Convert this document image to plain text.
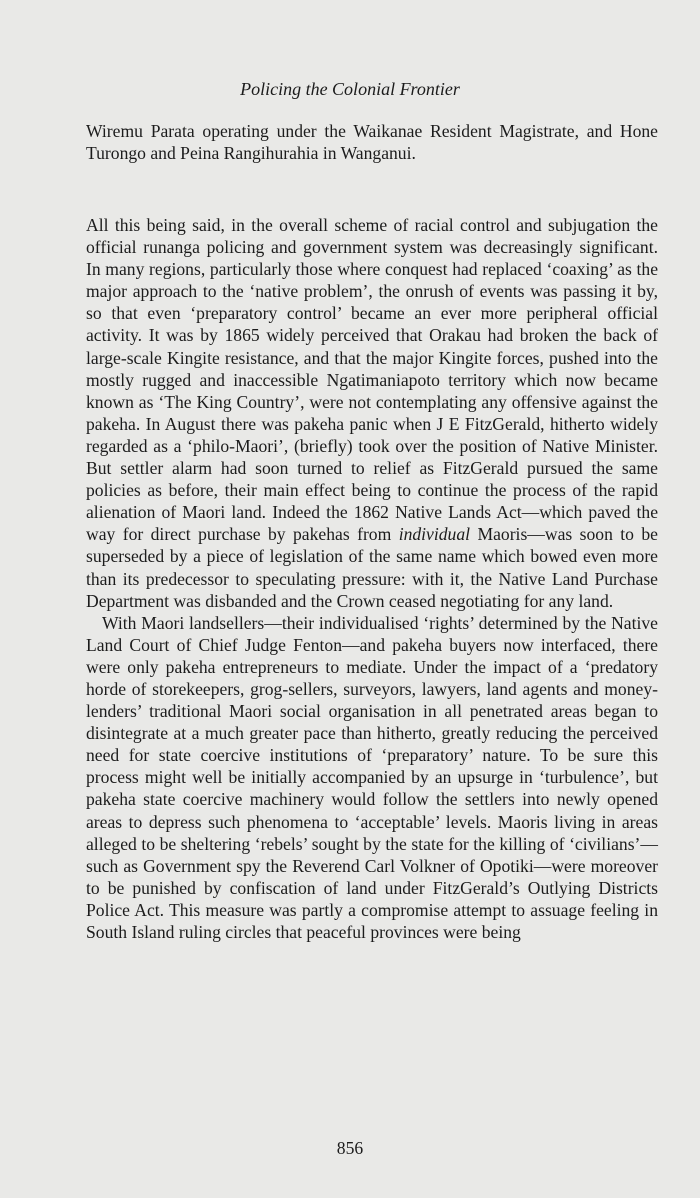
Policing the Colonial Frontier

Wiremu Parata operating under the Waikanae Resident Magistrate, and Hone Turongo and Peina Rangihurahia in Wanganui.

All this being said, in the overall scheme of racial control and subjugation the official runanga policing and government system was decreasingly significant. In many regions, particularly those where conquest had replaced ‘coaxing’ as the major approach to the ‘native problem’, the onrush of events was passing it by, so that even ‘preparatory control’ became an ever more peripheral official activity. It was by 1865 widely perceived that Orakau had broken the back of large-scale Kingite resistance, and that the major Kingite forces, pushed into the mostly rugged and inaccessible Ngatimaniapoto territory which now became known as ‘The King Country’, were not contemplating any offensive against the pakeha. In August there was pakeha panic when J E FitzGerald, hitherto widely regarded as a ‘philo-Maori’, (briefly) took over the position of Native Minister. But settler alarm had soon turned to relief as FitzGerald pursued the same policies as before, their main effect being to continue the process of the rapid alienation of Maori land. Indeed the 1862 Native Lands Act—which paved the way for direct purchase by pakehas from individual Maoris—was soon to be superseded by a piece of legislation of the same name which bowed even more than its predecessor to speculating pressure: with it, the Native Land Purchase Department was disbanded and the Crown ceased negotiating for any land.

With Maori landsellers—their individualised ‘rights’ determined by the Native Land Court of Chief Judge Fenton—and pakeha buyers now interfaced, there were only pakeha entrepreneurs to mediate. Under the impact of a ‘predatory horde of storekeepers, grog-sellers, surveyors, lawyers, land agents and money-lenders’ traditional Maori social organisation in all penetrated areas began to disintegrate at a much greater pace than hitherto, greatly reducing the perceived need for state coercive institutions of ‘preparatory’ nature. To be sure this process might well be initially accompanied by an upsurge in ‘turbulence’, but pakeha state coercive machinery would follow the settlers into newly opened areas to depress such phenomena to ‘acceptable’ levels. Maoris living in areas alleged to be sheltering ‘rebels’ sought by the state for the killing of ‘civilians’—such as Government spy the Reverend Carl Volkner of Opotiki—were moreover to be punished by confiscation of land under FitzGerald’s Outlying Districts Police Act. This measure was partly a compromise attempt to assuage feeling in South Island ruling circles that peaceful provinces were being

856
